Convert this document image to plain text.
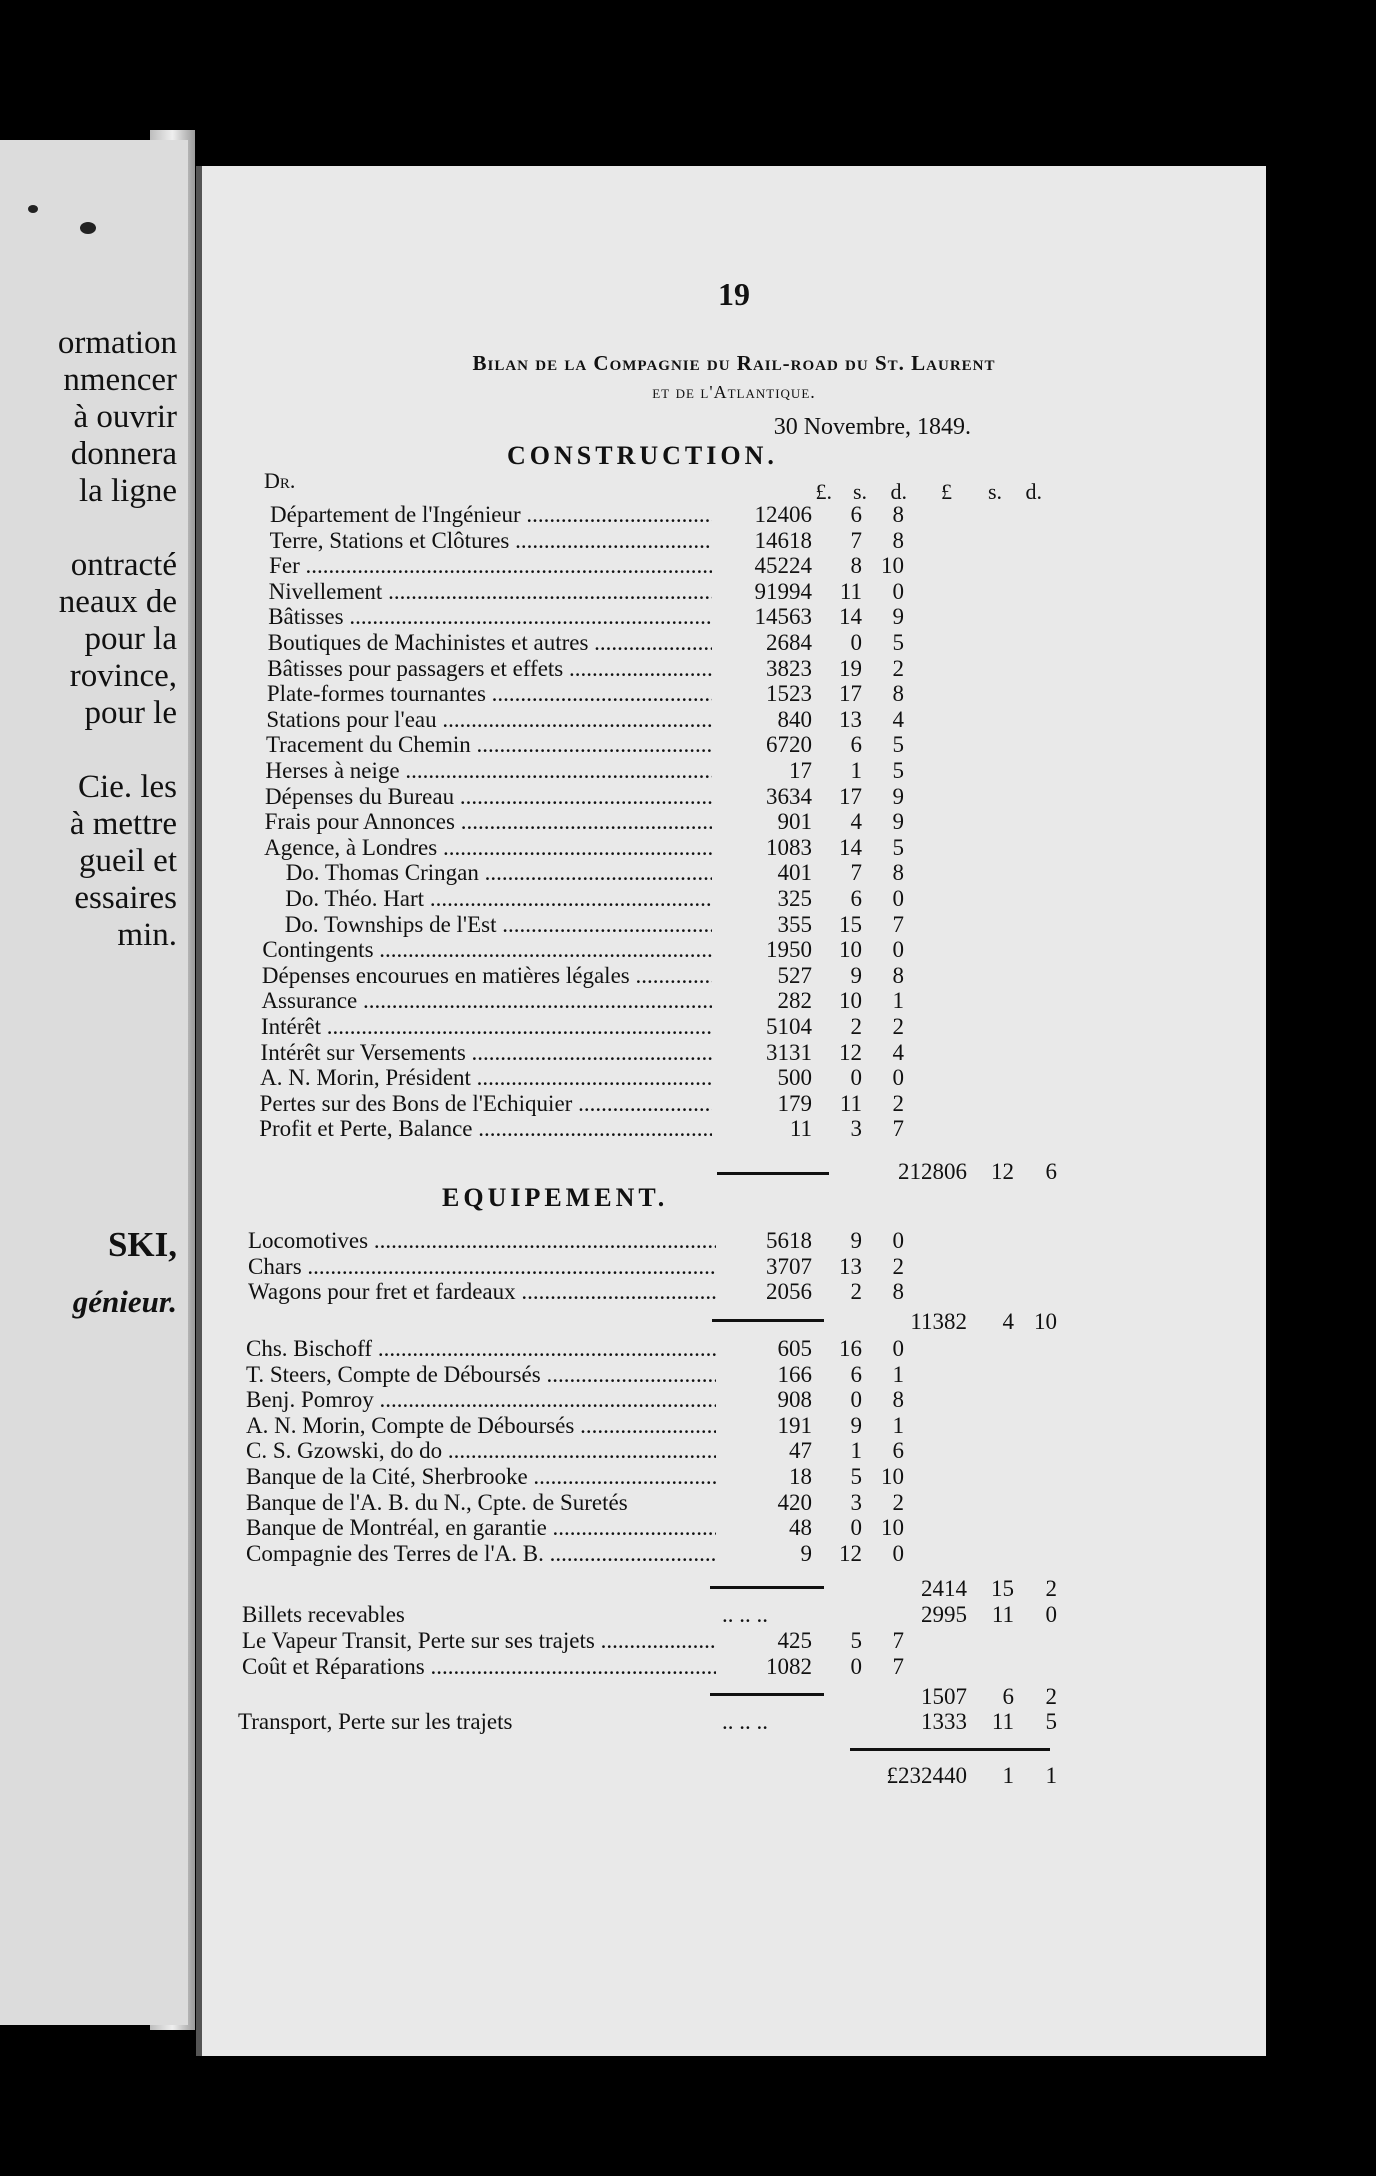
ormation
nmencer
à ouvrir
donnera
la ligne
ontracté
neaux de
pour la
rovince,
pour le
Cie. les
à mettre
gueil et
essaires
min.
SKI,
génieur.
19
Bilan de la Compagnie du Rail-road du St. Laurent
et de l'Atlantique.
30 Novembre, 1849.
CONSTRUCTION.
Dr.	£. s.	d.	£	s.	d.
Département de l'Ingénieur .....	12406	6	8
Terre, Stations et Clôtures .....	14618	7	8
Fer .....	45224	8 10
Nivellement .....	91994	11	0
Bâtisses .....	14563	14	9
Boutiques de Machinistes et autres .....	2684	0	5
Bâtisses pour passagers et effets .....	3823	19	2
Plate-formes tournantes .....	1523	17	8
Stations pour l'eau .....	840	13	4
Tracement du Chemin .....	6720	6	5
Herses à neige .....	17	1	5
Dépenses du Bureau .....	3634	17	9
Frais pour Annonces .....	901	4	9
Agence, à Londres .....	1083	14	5
Do. Thomas Cringan .....	401	7	8
Do. Théo. Hart .....	325	6	0
Do. Townships de l'Est .....	355	15	7
Contingents .....	1950	10	0
Dépenses encourues en matières légales .....	527	9	8
Assurance .....	282	10	1
Intérêt .....	5104	2	2
Intérêt sur Versements .....	3131	12	4
A. N. Morin, Président .....	500	0	0
Pertes sur des Bons de l'Echiquier .....	179	11	2
Profit et Perte, Balance .....	11	3	7
212806	12	6
Locomotives .....	5618	9	0
Chars .....	3707	13	2
Wagons pour fret et fardeaux .....	2056	2	8
11382	4 10
Chs. Bischoff .....	605	16	0
T. Steers, Compte de Déboursés .....	166	6	1
Benj. Pomroy .....	908	0	8
A. N. Morin, Compte de Déboursés .....	191	9	1
C. S. Gzowski, do do .....	47	1	6
Banque de la Cité, Sherbrooke .....	18	5 10
Banque de l'A. B. du N., Cpte. de Suretés	420	3	2
Banque de Montréal, en garantie .....	48	0 10
Compagnie des Terres de l'A. B. .....	9	12	0
2414	15	2
Billets recevables	.. .. ..	2995	11	0
Le Vapeur Transit, Perte sur ses trajets .....	425	5	7
Coût et Réparations .....	1082	0	7
1507	6	2
Transport, Perte sur les trajets	.. .. ..	1333	11	5
£232440	1	1
EQUIPEMENT.
